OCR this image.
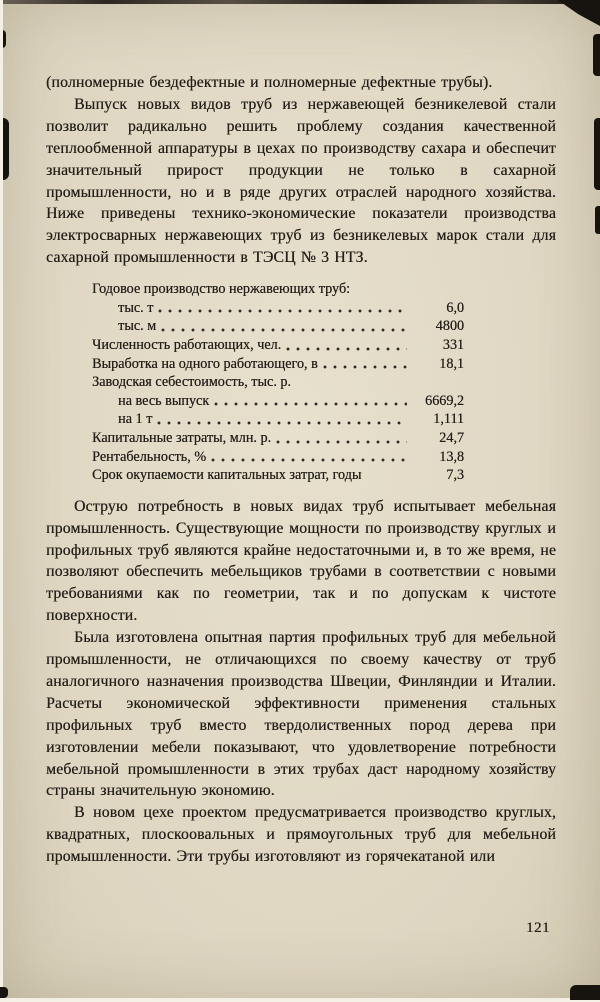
(полномерные бездефектные и полномерные дефектные трубы).

Выпуск новых видов труб из нержавеющей безникелевой стали позволит радикально решить проблему создания качественной теплообменной аппаратуры в цехах по производству сахара и обеспечит значительный прирост продукции не только в сахарной промышленности, но и в ряде других отраслей народного хозяйства. Ниже приведены технико-экономические показатели производства электросварных нержавеющих труб из безникелевых марок стали для сахарной промышленности в ТЭСЦ № 3 НТЗ.

Годовое производство нержавеющих труб:
тыс. т	6,0
тыс. м	4800
Численность работающих, чел.	331
Выработка на одного работающего, в	18,1
Заводская себестоимость, тыс. р.
на весь выпуск	6669,2
на 1 т	1,111
Капитальные затраты, млн. р.	24,7
Рентабельность, %	13,8
Срок окупаемости капитальных затрат, годы	7,3

Острую потребность в новых видах труб испытывает мебельная промышленность. Существующие мощности по производству круглых и профильных труб являются крайне недостаточными и, в то же время, не позволяют обеспечить мебельщиков трубами в соответствии с новыми требованиями как по геометрии, так и по допускам к чистоте поверхности.

Была изготовлена опытная партия профильных труб для мебельной промышленности, не отличающихся по своему качеству от труб аналогичного назначения производства Швеции, Финляндии и Италии. Расчеты экономической эффективности применения стальных профильных труб вместо твердолиственных пород дерева при изготовлении мебели показывают, что удовлетворение потребности мебельной промышленности в этих трубах даст народному хозяйству страны значительную экономию.

В новом цехе проектом предусматривается производство круглых, квадратных, плоскоовальных и прямоугольных труб для мебельной промышленности. Эти трубы изготовляют из горячекатаной или

121
